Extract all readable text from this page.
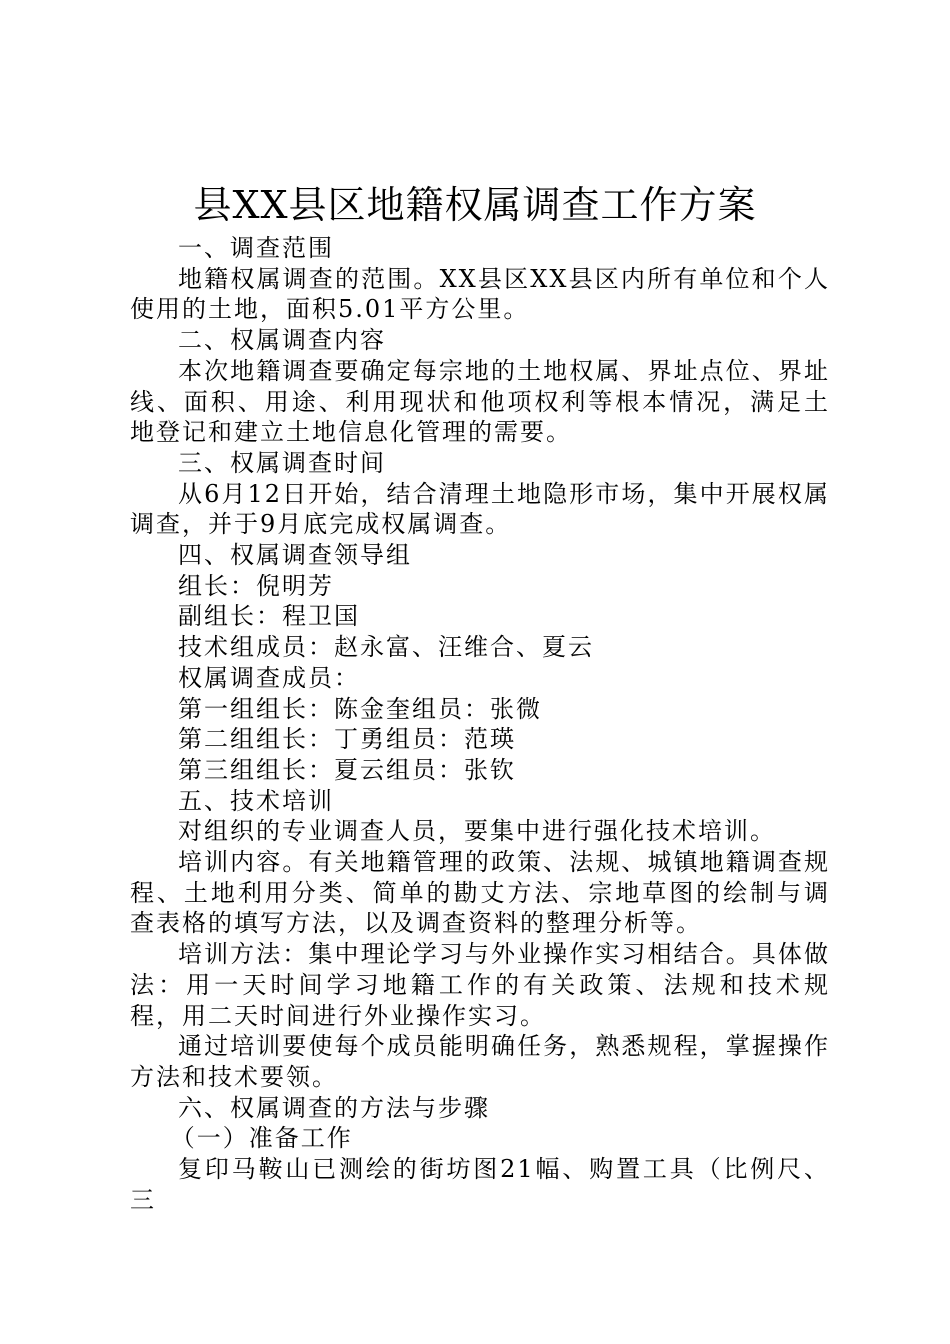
县XX县区地籍权属调查工作方案

一、调查范围

地籍权属调查的范围。XX县区XX县区内所有单位和个人使用的土地，面积5.01平方公里。

二、权属调查内容

本次地籍调查要确定每宗地的土地权属、界址点位、界址线、面积、用途、利用现状和他项权利等根本情况，满足土地登记和建立土地信息化管理的需要。

三、权属调查时间

从6月12日开始，结合清理土地隐形市场，集中开展权属调查，并于9月底完成权属调查。

四、权属调查领导组

组长：倪明芳

副组长：程卫国

技术组成员：赵永富、汪维合、夏云

权属调查成员：

第一组组长：陈金奎组员：张微

第二组组长：丁勇组员：范瑛

第三组组长：夏云组员：张钦

五、技术培训

对组织的专业调查人员，要集中进行强化技术培训。

培训内容。有关地籍管理的政策、法规、城镇地籍调查规程、土地利用分类、简单的勘丈方法、宗地草图的绘制与调查表格的填写方法，以及调查资料的整理分析等。

培训方法：集中理论学习与外业操作实习相结合。具体做法：用一天时间学习地籍工作的有关政策、法规和技术规程，用二天时间进行外业操作实习。

通过培训要使每个成员能明确任务，熟悉规程，掌握操作方法和技术要领。

六、权属调查的方法与步骤

（一）准备工作

复印马鞍山已测绘的街坊图21幅、购置工具（比例尺、三
